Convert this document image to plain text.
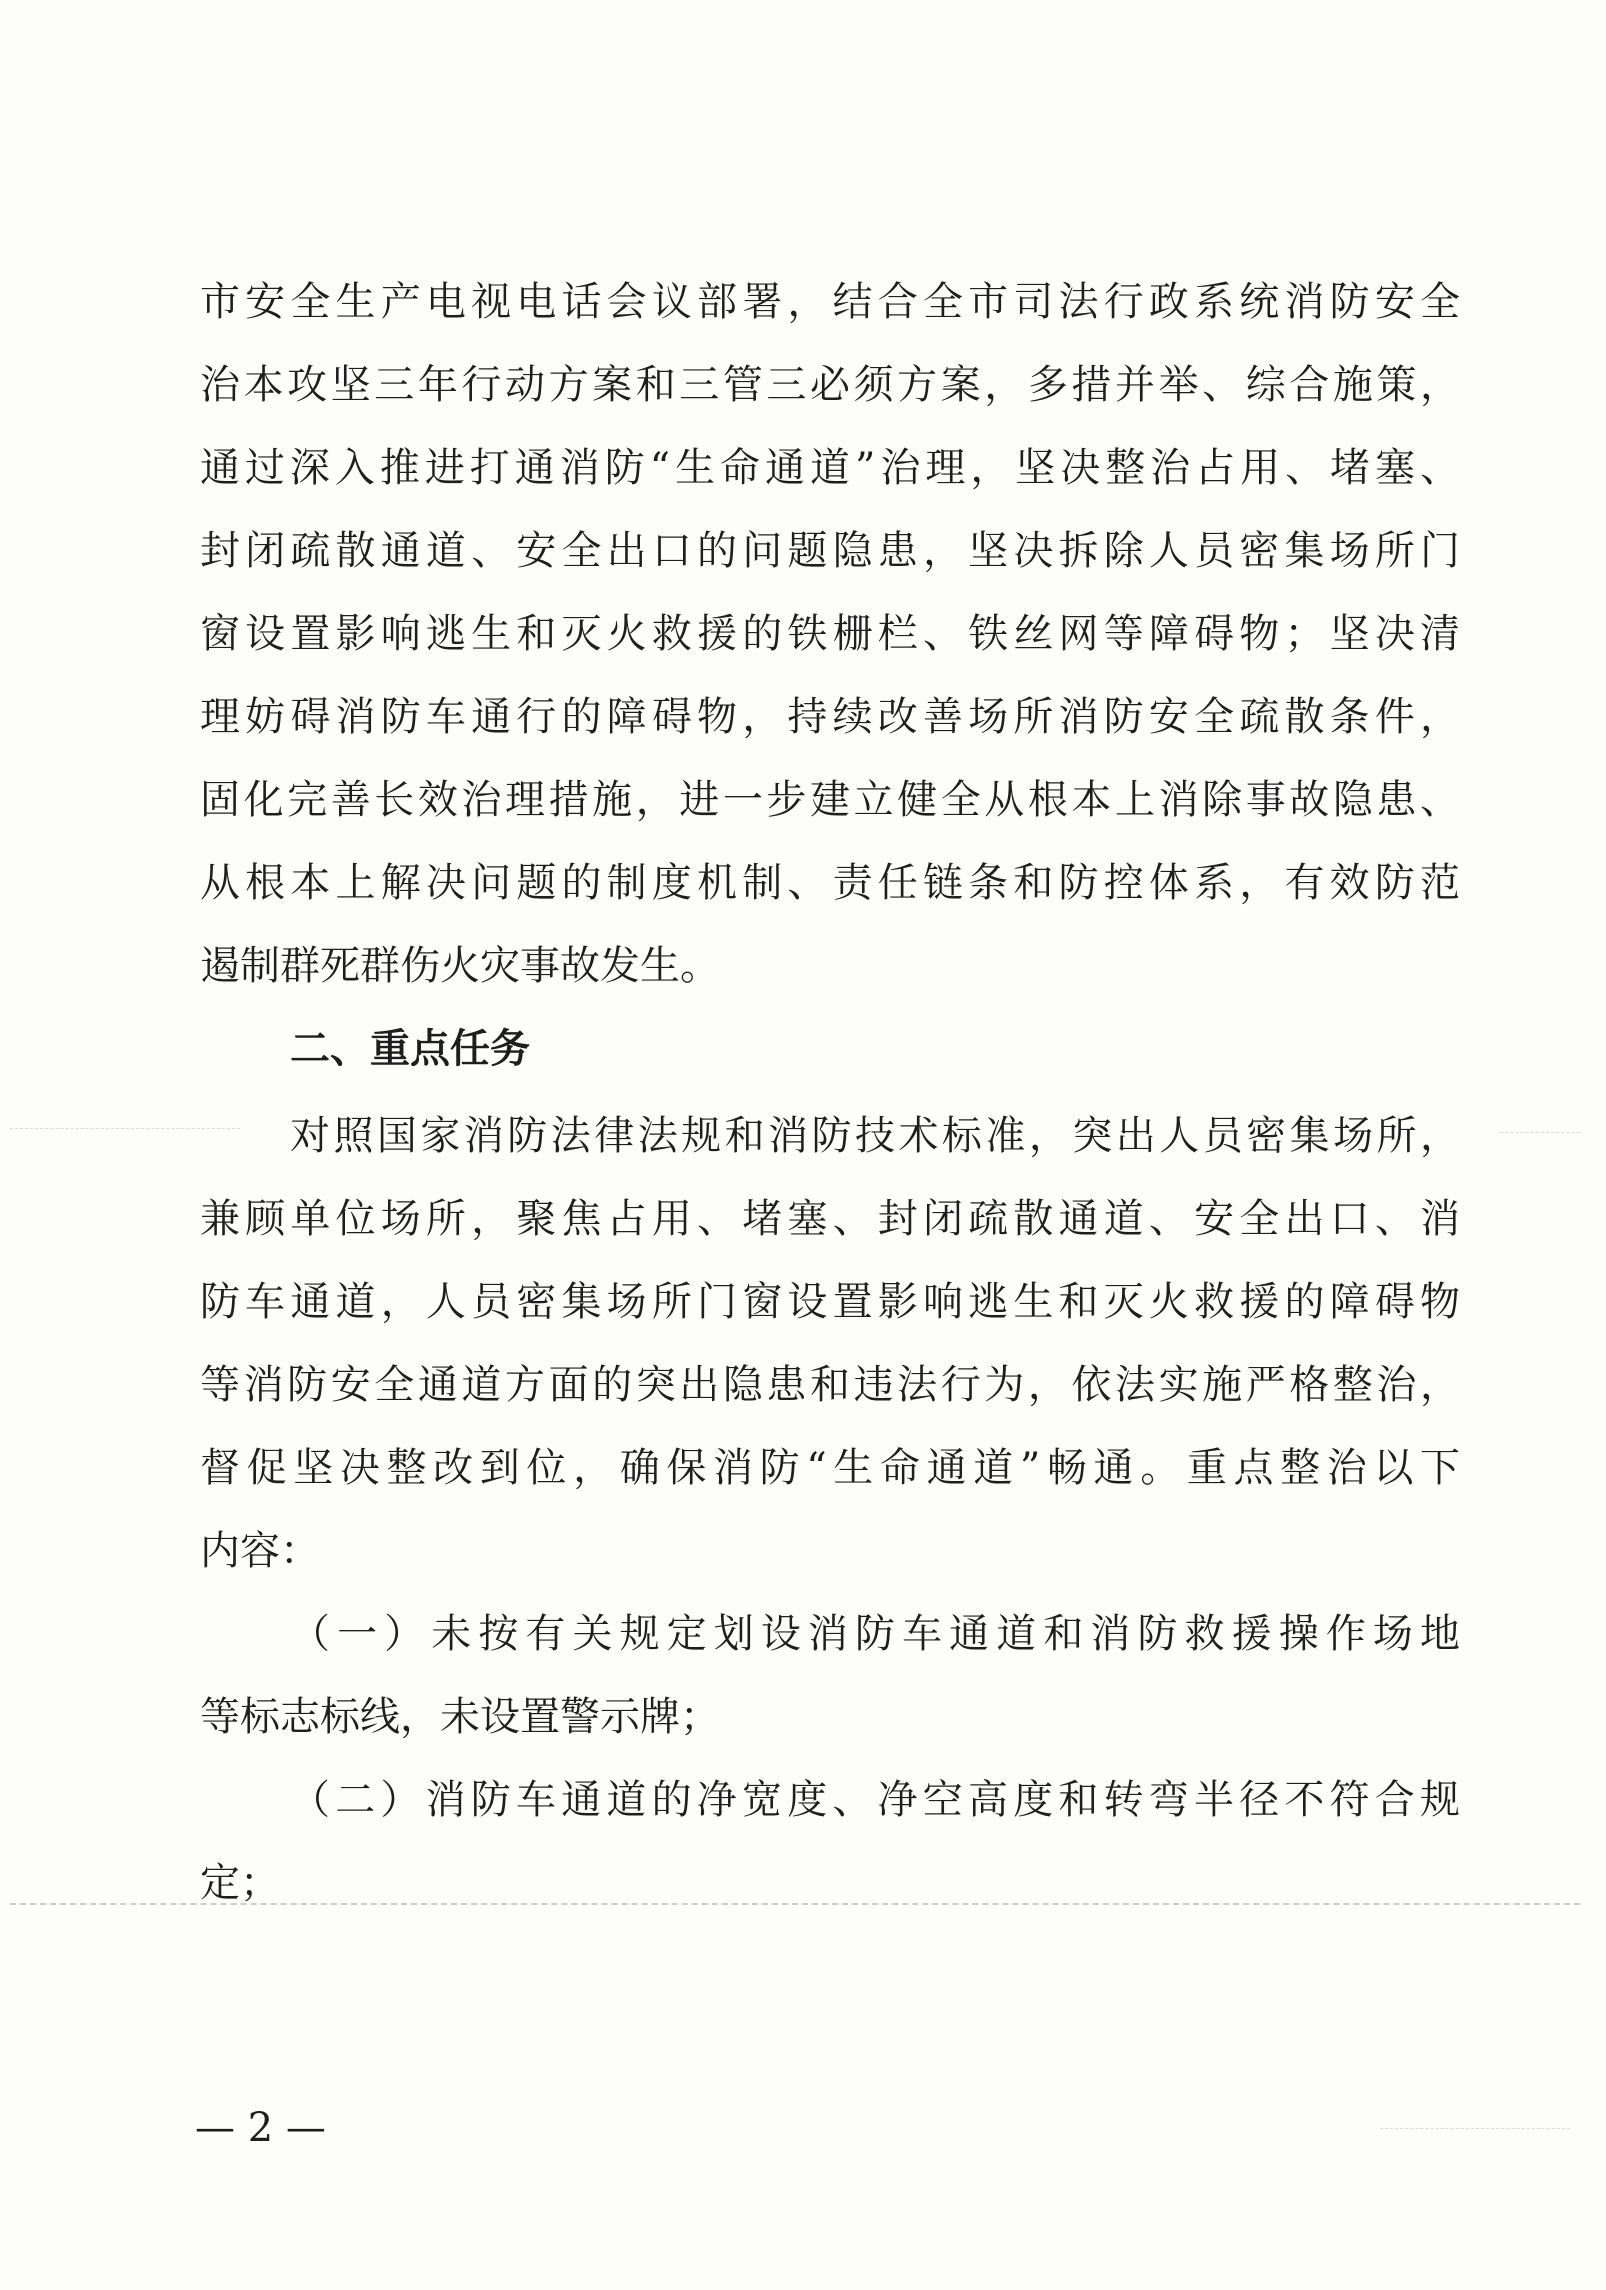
市安全生产电视电话会议部署，结合全市司法行政系统消防安全
治本攻坚三年行动方案和三管三必须方案，多措并举、综合施策，
通过深入推进打通消防“生命通道”治理，坚决整治占用、堵塞、
封闭疏散通道、安全出口的问题隐患，坚决拆除人员密集场所门
窗设置影响逃生和灭火救援的铁栅栏、铁丝网等障碍物；坚决清
理妨碍消防车通行的障碍物，持续改善场所消防安全疏散条件，
固化完善长效治理措施，进一步建立健全从根本上消除事故隐患、
从根本上解决问题的制度机制、责任链条和防控体系，有效防范
遏制群死群伤火灾事故发生。
二、重点任务
对照国家消防法律法规和消防技术标准，突出人员密集场所，
兼顾单位场所，聚焦占用、堵塞、封闭疏散通道、安全出口、消
防车通道，人员密集场所门窗设置影响逃生和灭火救援的障碍物
等消防安全通道方面的突出隐患和违法行为，依法实施严格整治，
督促坚决整改到位，确保消防“生命通道”畅通。重点整治以下
内容：
（一）未按有关规定划设消防车通道和消防救援操作场地
等标志标线，未设置警示牌；
（二）消防车通道的净宽度、净空高度和转弯半径不符合规
定；
— 2 —
